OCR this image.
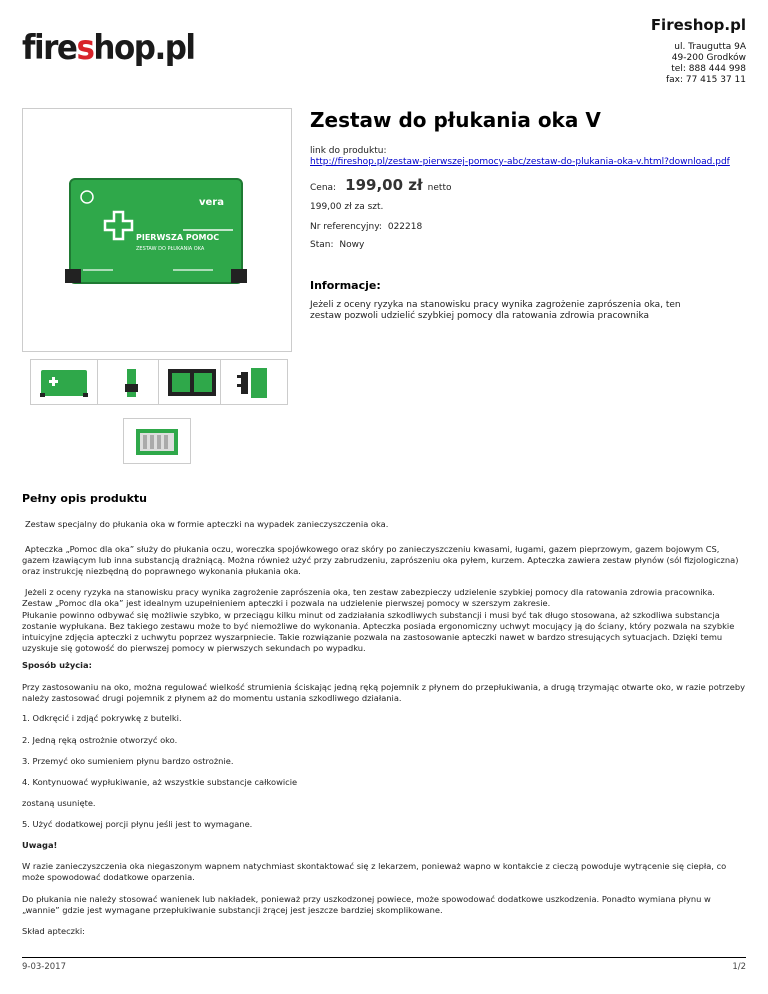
fireshop.pl
Fireshop.pl
ul. Traugutta 9A
49-200 Grodków
tel: 888 444 998
fax: 77 415 37 11
vera
PIERWSZA POMOC
ZESTAW DO PŁUKANIA OKA
Zestaw do płukania oka V
link do produktu:
http://fireshop.pl/zestaw-pierwszej-pomocy-abc/zestaw-do-plukania-oka-v.html?download.pdf
Cena: 199,00 zł netto
199,00 zł za szt.
Nr referencyjny: 022218
Stan: Nowy
Informacje:
Jeżeli z oceny ryzyka na stanowisku pracy wynika zagrożenie zaprószenia oka, ten zestaw pozwoli udzielić szybkiej pomocy dla ratowania zdrowia pracownika
Pełny opis produktu
Zestaw specjalny do płukania oka w formie apteczki na wypadek zanieczyszczenia oka.
Apteczka „Pomoc dla oka” służy do płukania oczu, woreczka spojówkowego oraz skóry po zanieczyszczeniu kwasami, ługami, gazem pieprzowym, gazem bojowym CS, gazem łzawiącym lub inna substancją drażniącą. Można również użyć przy zabrudzeniu, zaprószeniu oka pyłem, kurzem. Apteczka zawiera zestaw płynów (sól fizjologiczna) oraz instrukcję niezbędną do poprawnego wykonania płukania oka.
Jeżeli z oceny ryzyka na stanowisku pracy wynika zagrożenie zaprószenia oka, ten zestaw zabezpieczy udzielenie szybkiej pomocy dla ratowania zdrowia pracownika. Zestaw „Pomoc dla oka” jest idealnym uzupełnieniem apteczki i pozwala na udzielenie pierwszej pomocy w szerszym zakresie.
Płukanie powinno odbywać się możliwie szybko, w przeciągu kilku minut od zadziałania szkodliwych substancji i musi być tak długo stosowana, aż szkodliwa substancja zostanie wypłukana. Bez takiego zestawu może to być niemożliwe do wykonania. Apteczka posiada ergonomiczny uchwyt mocujący ją do ściany, który pozwala na szybkie intuicyjne zdjęcia apteczki z uchwytu poprzez wyszarpniecie. Takie rozwiązanie pozwala na zastosowanie apteczki nawet w bardzo stresujących sytuacjach. Dzięki temu uzyskuje się gotowość do pierwszej pomocy w pierwszych sekundach po wypadku.
Sposób użycia:
Przy zastosowaniu na oko, można regulować wielkość strumienia ściskając jedną ręką pojemnik z płynem do przepłukiwania, a drugą trzymając otwarte oko, w razie potrzeby należy zastosować drugi pojemnik z płynem aż do momentu ustania szkodliwego działania.
1. Odkręcić i zdjąć pokrywkę z butelki.
2. Jedną ręką ostrożnie otworzyć oko.
3. Przemyć oko sumieniem płynu bardzo ostrożnie.
4. Kontynuować wypłukiwanie, aż wszystkie substancje całkowicie
zostaną usunięte.
5. Użyć dodatkowej porcji płynu jeśli jest to wymagane.
Uwaga!
W razie zanieczyszczenia oka niegaszonym wapnem natychmiast skontaktować się z lekarzem, ponieważ wapno w kontakcie z cieczą powoduje wytrącenie się ciepła, co może spowodować dodatkowe oparzenia.
Do płukania nie należy stosować wanienek lub nakładek, ponieważ przy uszkodzonej powiece, może spowodować dodatkowe uszkodzenia. Ponadto wymiana płynu w „wannie” gdzie jest wymagane przepłukiwanie substancji żrącej jest jeszcze bardziej skomplikowane.
Skład apteczki:
9-03-2017	1/2
